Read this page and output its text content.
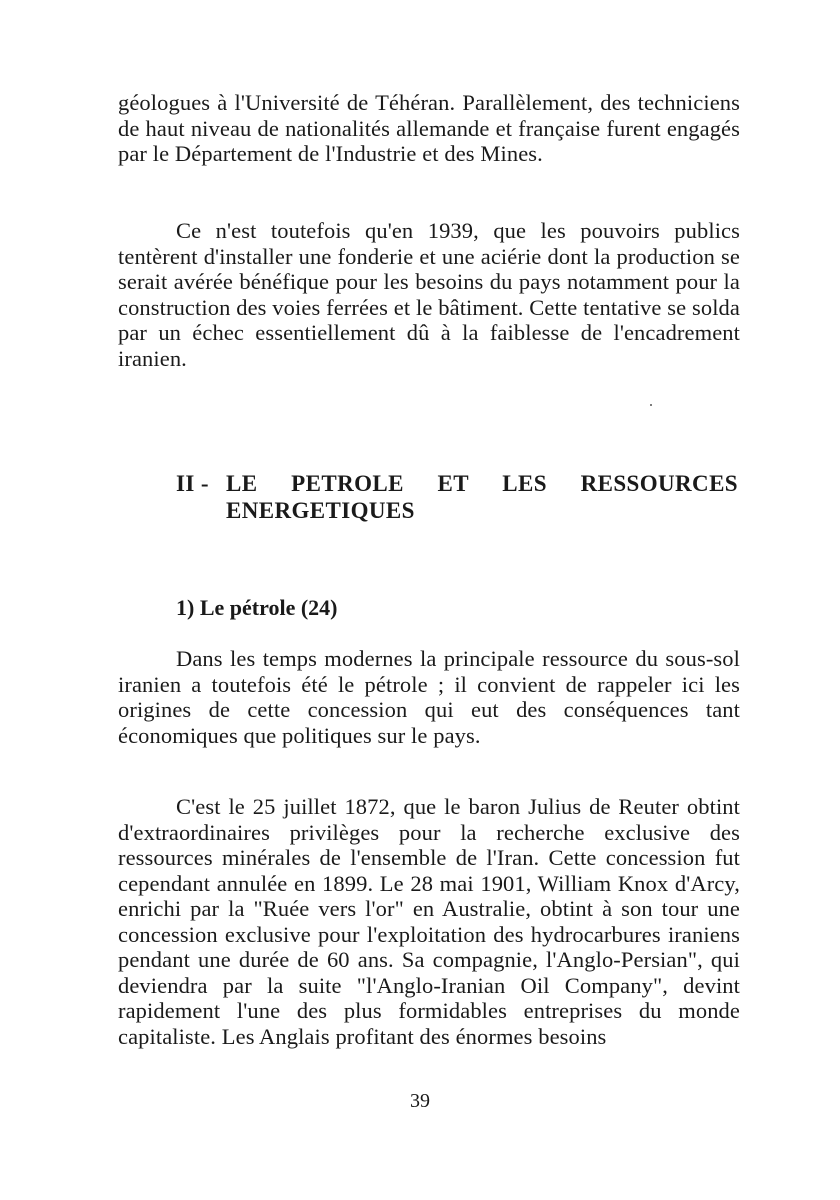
géologues à l'Université de Téhéran. Parallèlement, des techniciens de haut niveau de nationalités allemande et française furent engagés par le Département de l'Industrie et des Mines.

Ce n'est toutefois qu'en 1939, que les pouvoirs publics tentèrent d'installer une fonderie et une aciérie dont la production se serait avérée bénéfique pour les besoins du pays notamment pour la construction des voies ferrées et le bâtiment. Cette tentative se solda par un échec essentiellement dû à la faiblesse de l'encadrement iranien.

II - LE PETROLE ET LES RESSOURCES
ENERGETIQUES
1) Le pétrole (24)

Dans les temps modernes la principale ressource du sous-sol iranien a toutefois été le pétrole ; il convient de rappeler ici les origines de cette concession qui eut des conséquences tant économiques que politiques sur le pays.

C'est le 25 juillet 1872, que le baron Julius de Reuter obtint d'extraordinaires privilèges pour la recherche exclusive des ressources minérales de l'ensemble de l'Iran. Cette concession fut cependant annulée en 1899. Le 28 mai 1901, William Knox d'Arcy, enrichi par la "Ruée vers l'or" en Australie, obtint à son tour une concession exclusive pour l'exploitation des hydrocarbures iraniens pendant une durée de 60 ans. Sa compagnie, l'Anglo-Persian", qui deviendra par la suite "l'Anglo-Iranian Oil Company", devint rapidement l'une des plus formidables entreprises du monde capitaliste. Les Anglais profitant des énormes besoins

39
